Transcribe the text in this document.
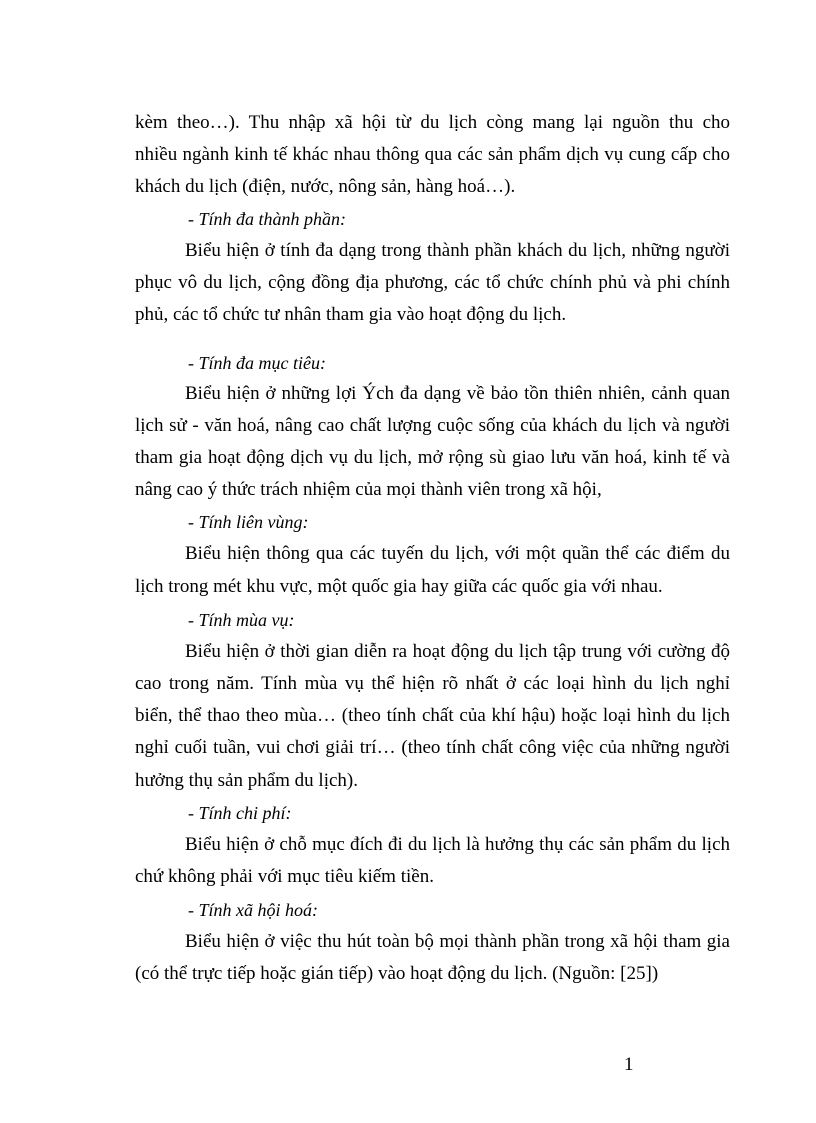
kèm theo…). Thu nhập xã hội từ du lịch còng mang lại nguồn thu cho
nhiều ngành kinh tế khác nhau thông qua các sản phẩm dịch vụ cung cấp cho
khách du lịch (điện, nước, nông sản, hàng hoá…).
- Tính đa thành phần:
Biểu hiện ở tính đa dạng trong thành phần khách du lịch, những người
phục vô du lịch, cộng đồng địa phương, các tổ chức chính phủ và phi chính
phủ, các tổ chức tư nhân tham gia vào hoạt động du lịch.
- Tính đa mục tiêu:
Biểu hiện ở những lợi Ých đa dạng về bảo tồn thiên nhiên, cảnh quan
lịch sử - văn hoá, nâng cao chất lượng cuộc sống của khách du lịch và người
tham gia hoạt động dịch vụ du lịch, mở rộng sù giao lưu văn hoá, kinh tế và
nâng cao ý thức trách nhiệm của mọi thành viên trong xã hội,
- Tính liên vùng:
Biểu hiện thông qua các tuyến du lịch, với một quần thể các điểm du
lịch trong mét khu vực, một quốc gia hay giữa các quốc gia với nhau.
- Tính mùa vụ:
Biểu hiện ở thời gian diễn ra hoạt động du lịch tập trung với cường độ
cao trong năm. Tính mùa vụ thể hiện rõ nhất ở các loại hình du lịch nghỉ
biển, thể thao theo mùa… (theo tính chất của khí hậu) hoặc loại hình du lịch
nghỉ cuối tuần, vui chơi giải trí… (theo tính chất công việc của những người
hưởng thụ sản phẩm du lịch).
- Tính chi phí:
Biểu hiện ở chỗ mục đích đi du lịch là hưởng thụ các sản phẩm du lịch
chứ không phải với mục tiêu kiếm tiền.
- Tính xã hội hoá:
Biểu hiện ở việc thu hút toàn bộ mọi thành phần trong xã hội tham gia
(có thể trực tiếp hoặc gián tiếp) vào hoạt động du lịch. (Nguồn: [25])
1
